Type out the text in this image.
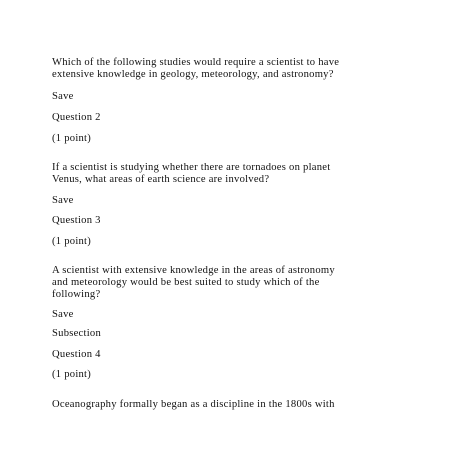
Which of the following studies would require a scientist to have

extensive knowledge in geology, meteorology, and astronomy?

Save

Question 2

(1 point)

If a scientist is studying whether there are tornadoes on planet

Venus, what areas of earth science are involved?

Save

Question 3

(1 point)

A scientist with extensive knowledge in the areas of astronomy

and meteorology would be best suited to study which of the

following?

Save

Subsection

Question 4

(1 point)

Oceanography formally began as a discipline in the 1800s with
